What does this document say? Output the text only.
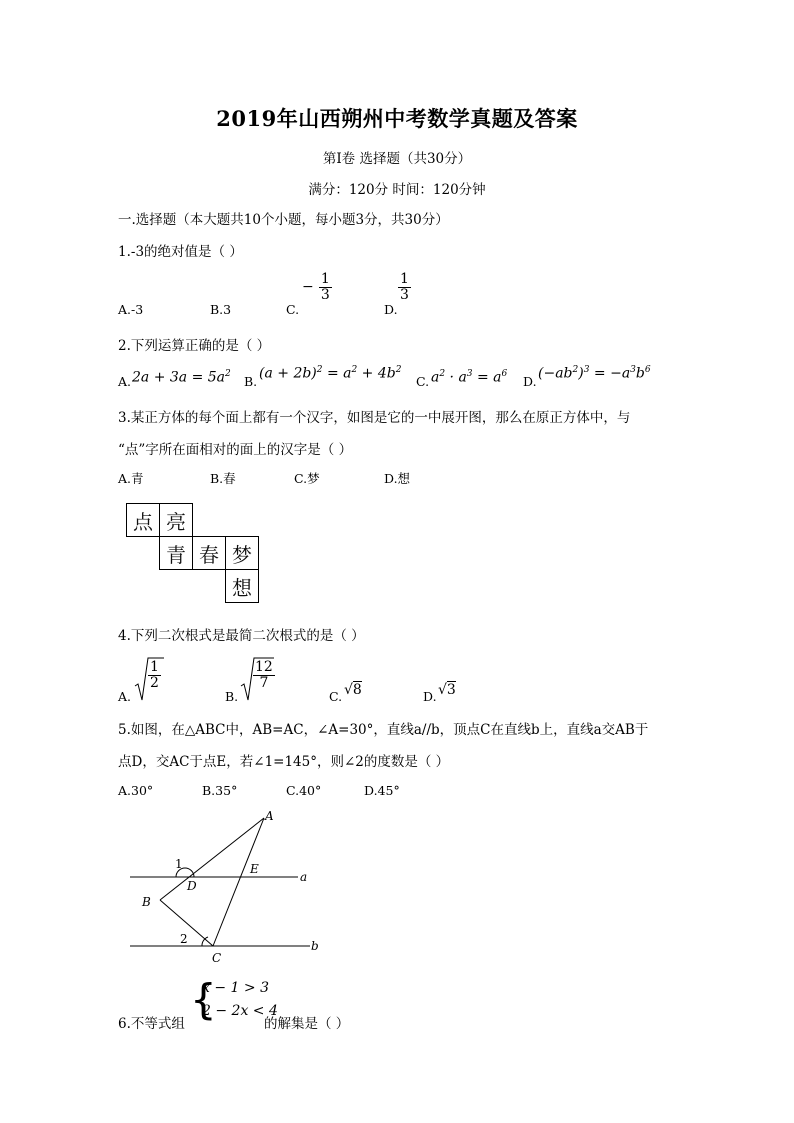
2019年山西朔州中考数学真题及答案
第Ⅰ卷 选择题（共30分）
满分：120分 时间：120分钟
一.选择题（本大题共10个小题，每小题3分，共30分）
1.-3的绝对值是（ ）
A.-3	B.3	C.
− $\frac{1}{3}$
D.
$\frac{1}{3}$
2.下列运算正确的是（ ）
A. $2a + 3a = 5a^2$ B. $(a + 2b)^2 = a^2 + 4b^2$
C. $a^2 \cdot a^3 = a^6$ D. $(-ab^2)^3 = -a^3b^6$
3.某正方体的每个面上都有一个汉字，如图是它的一中展开图，那么在原正方体中，与
“点”字所在面相对的面上的汉字是（ ）
A.青	B.春	C.梦	D.想
点 亮
青 春 梦
想
4.下列二次根式是最简二次根式的是（ ）
A.
$\frac{1}{2}$
B.
$\frac{12}{7}$
C. √8	D. √3
5.如图，在△ABC中，AB=AC，∠A=30°，直线a//b，顶点C在直线b上，直线a交AB于
点D，交AC于点E，若∠1=145°，则∠2的度数是（ ）
A.30°	B.35°	C.40°	D.45°
A
B
C
D
E
a
b
1
2
6.不等式组 {
x − 1 > 3
2 − 2x < 4
的解集是（ ）
